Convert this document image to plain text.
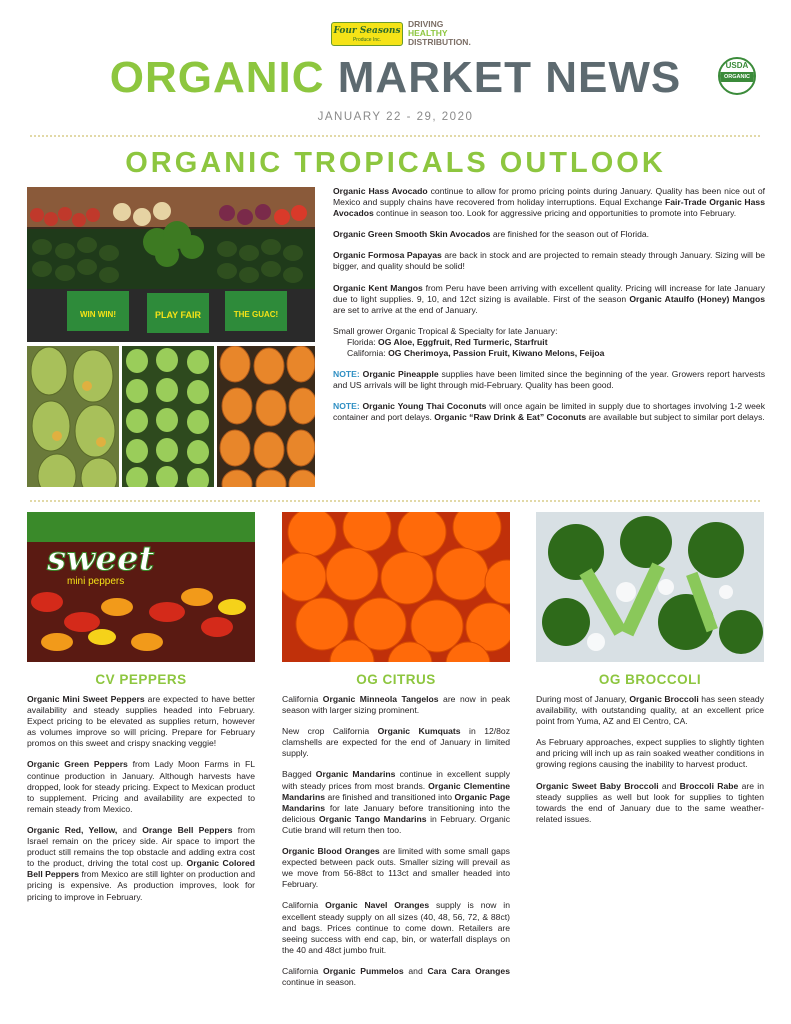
Four Seasons
Produce Inc.
DRIVING
HEALTHY
DISTRIBUTION.
ORGANIC MARKET NEWS	USDA
ORGANIC
JANUARY 22 - 29, 2020
ORGANIC TROPICALS OUTLOOK
WIN WIN!	PLAY FAIR	THE GUAC!

Organic Hass Avocado continue to allow for promo pricing points during January. Quality has been nice out of Mexico and supply chains have recovered from holiday interruptions. Equal Exchange Fair-Trade Organic Hass Avocados continue in season too. Look for aggressive pricing and opportunities to promote into February.

Organic Green Smooth Skin Avocados are finished for the season out of Florida.

Organic Formosa Papayas are back in stock and are projected to remain steady through January. Sizing will be bigger, and quality should be solid!

Organic Kent Mangos from Peru have been arriving with excellent quality. Pricing will increase for late January due to light supplies. 9, 10, and 12ct sizing is available. First of the season Organic Ataulfo (Honey) Mangos are set to arrive at the end of January.

Small grower Organic Tropical & Specialty for late January:

Florida: OG Aloe, Eggfruit, Red Turmeric, Starfruit
California: OG Cherimoya, Passion Fruit, Kiwano Melons, Feijoa

NOTE: Organic Pineapple supplies have been limited since the beginning of the year. Growers report harvests and US arrivals will be light through mid-February. Quality has been good.

NOTE: Organic Young Thai Coconuts will once again be limited in supply due to shortages involving 1-2 week container and port delays. Organic “Raw Drink & Eat” Coconuts are available but subject to similar port delays.

sweet
mini peppers
CV PEPPERS	OG CITRUS	OG BROCCOLI

Organic Mini Sweet Peppers are expected to have better availability and steady supplies headed into February. Expect pricing to be elevated as supplies return, however as volumes improve so will pricing. Prepare for February promos on this sweet and crispy snacking veggie!

Organic Green Peppers from Lady Moon Farms in FL continue production in January. Although harvests have dropped, look for steady pricing. Expect to Mexican product to supplement. Pricing and availability are expected to remain steady from Mexico.

Organic Red, Yellow, and Orange Bell Peppers from Israel remain on the pricey side. Air space to import the product still remains the top obstacle and adding extra cost to the product, driving the total cost up. Organic Colored Bell Peppers from Mexico are still lighter on production and pricing is expensive. As production improves, look for pricing to improve in February.

California Organic Minneola Tangelos are now in peak season with larger sizing prominent.

New crop California Organic Kumquats in 12/8oz clamshells are expected for the end of January in limited supply.

Bagged Organic Mandarins continue in excellent supply with steady prices from most brands. Organic Clementine Mandarins are finished and transitioned into Organic Page Mandarins for late January before transitioning into the delicious Organic Tango Mandarins in February. Organic Cutie brand will return then too.

Organic Blood Oranges are limited with some small gaps expected between pack outs. Smaller sizing will prevail as we move from 56-88ct to 113ct and smaller headed into February.

California Organic Navel Oranges supply is now in excellent steady supply on all sizes (40, 48, 56, 72, & 88ct) and bags. Prices continue to come down. Retailers are seeing success with end cap, bin, or waterfall displays on the 40 and 48ct jumbo fruit.

California Organic Pummelos and Cara Cara Oranges continue in season.

During most of January, Organic Broccoli has seen steady availability, with outstanding quality, at an excellent price point from Yuma, AZ and El Centro, CA.

As February approaches, expect supplies to slightly tighten and pricing will inch up as rain soaked weather conditions in growing regions causing the inability to harvest product.

Organic Sweet Baby Broccoli and Broccoli Rabe are in steady supplies as well but look for supplies to tighten towards the end of January due to the same weather-related issues.
